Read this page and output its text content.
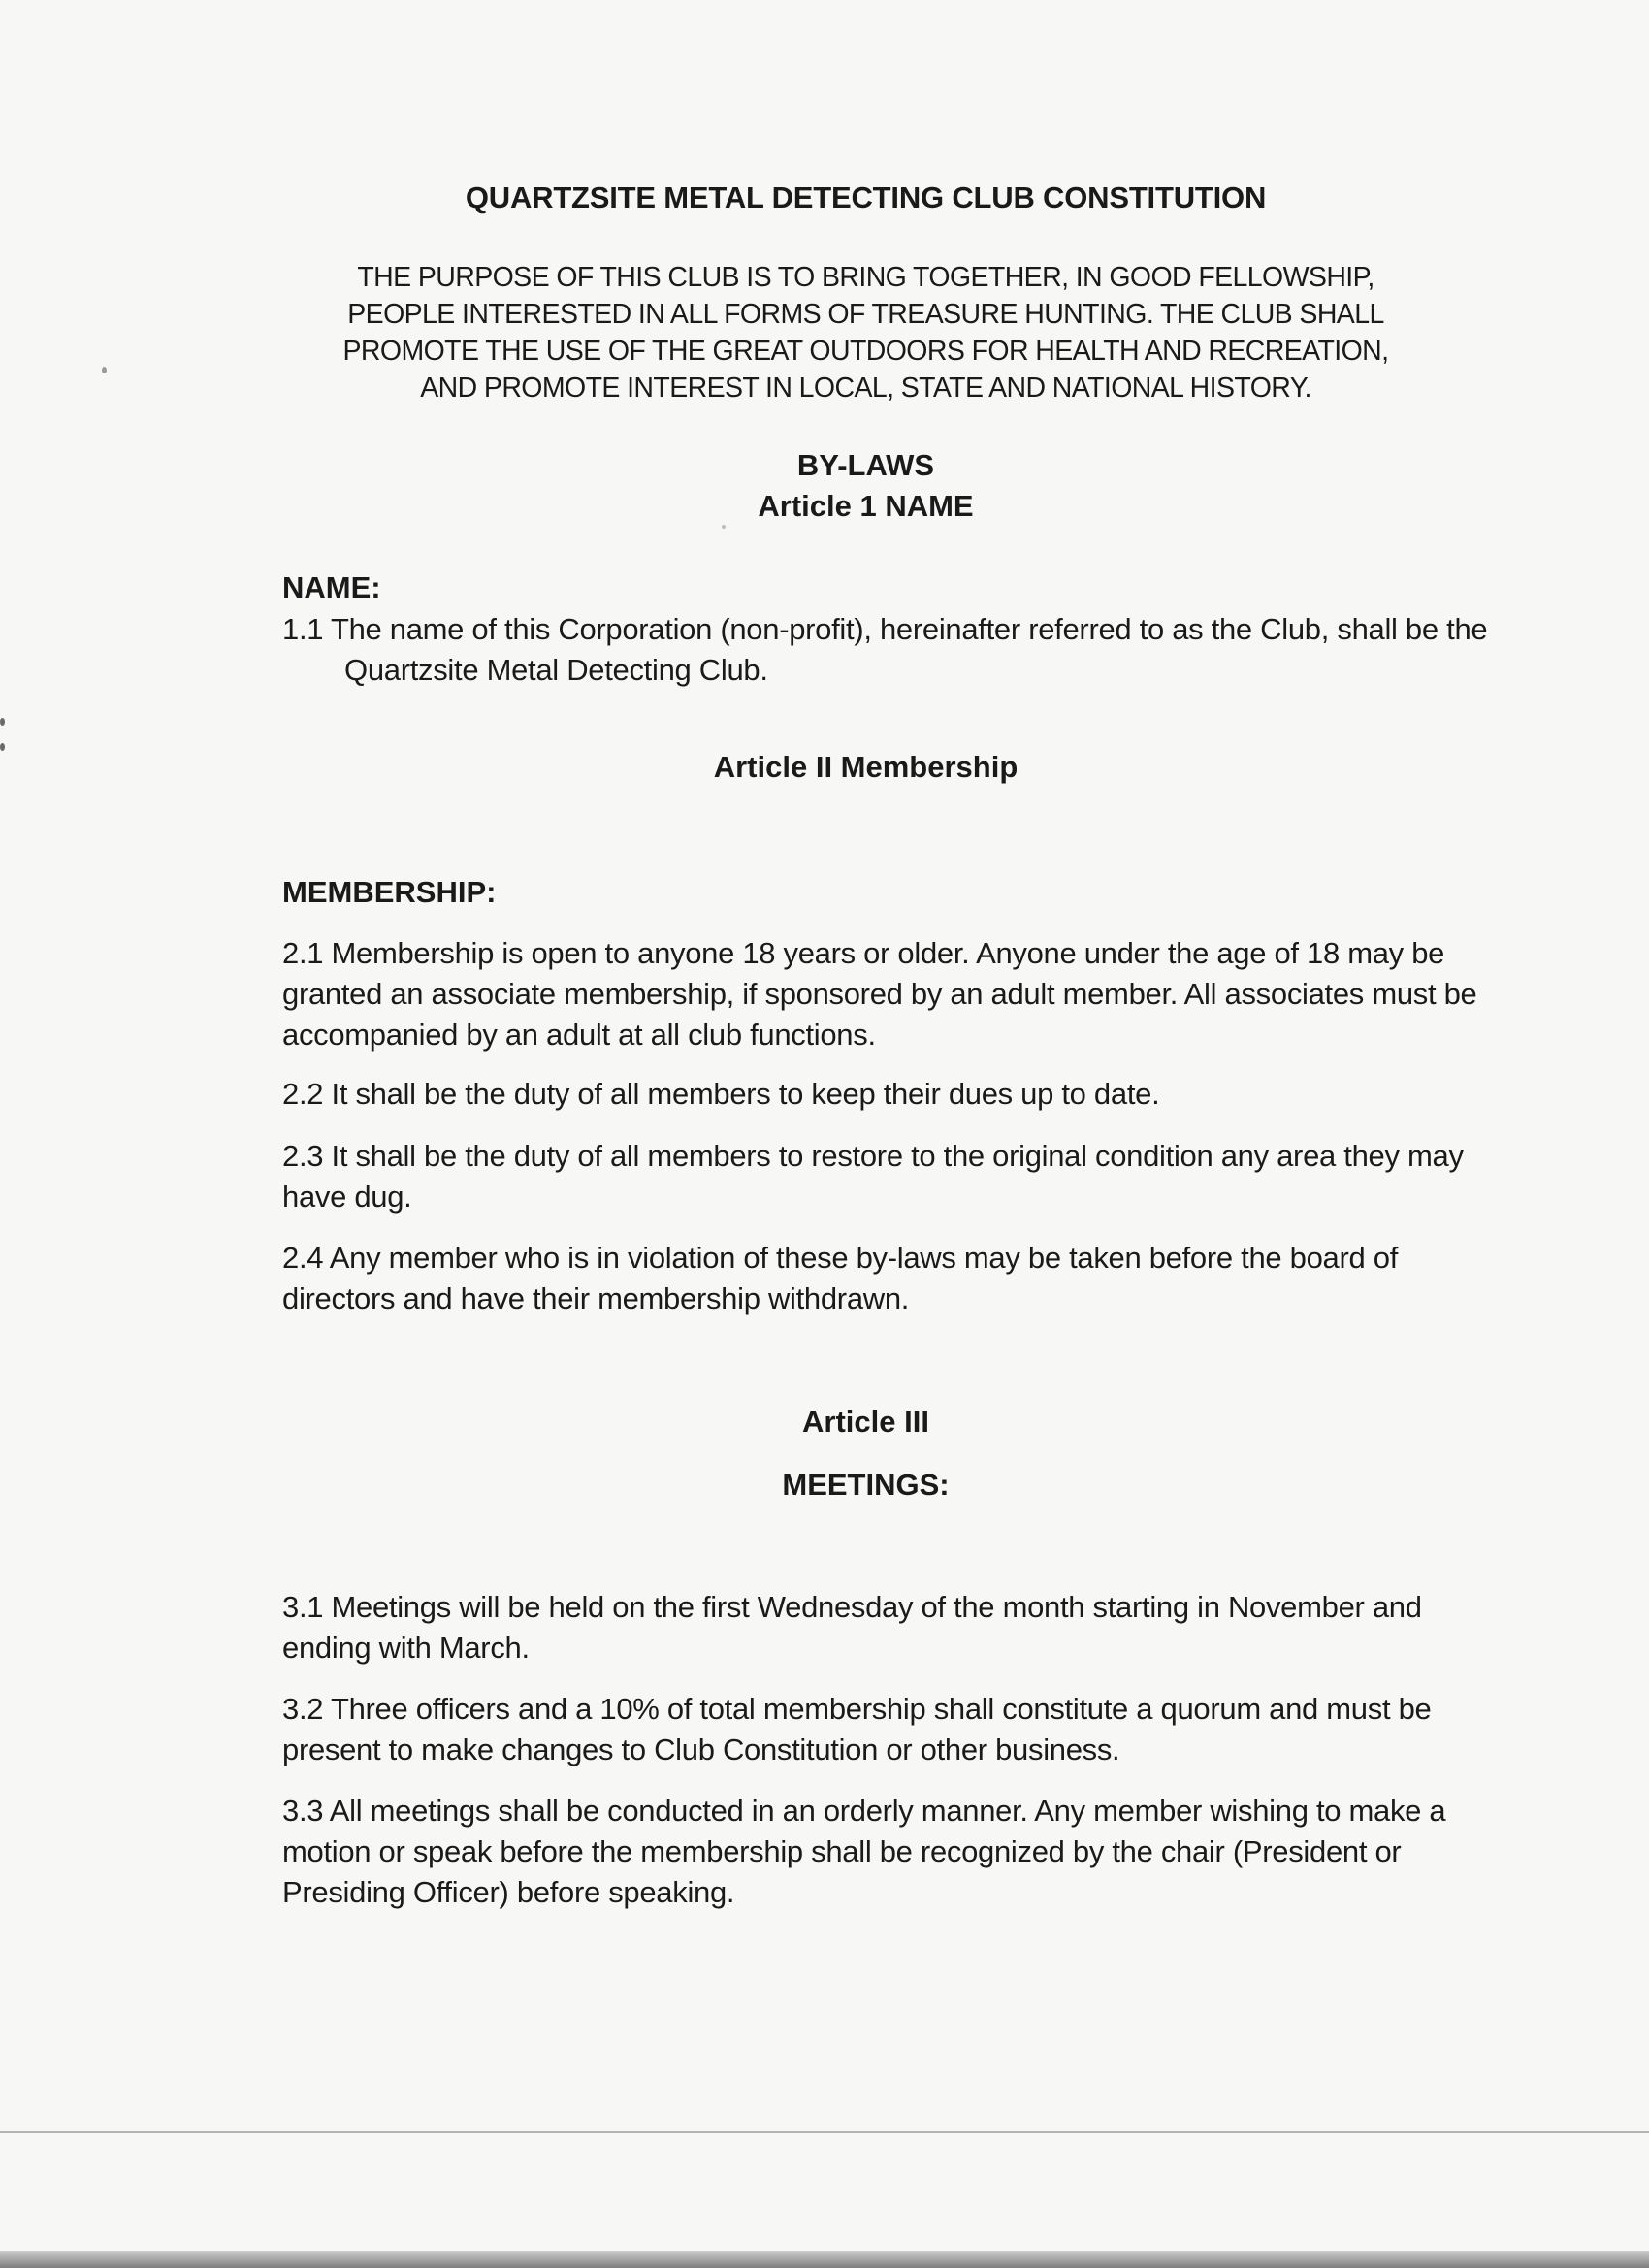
QUARTZSITE METAL DETECTING CLUB CONSTITUTION
THE PURPOSE OF THIS CLUB IS TO BRING TOGETHER, IN GOOD FELLOWSHIP,
PEOPLE INTERESTED IN ALL FORMS OF TREASURE HUNTING. THE CLUB SHALL
PROMOTE THE USE OF THE GREAT OUTDOORS FOR HEALTH AND RECREATION,
AND PROMOTE INTEREST IN LOCAL, STATE AND NATIONAL HISTORY.
BY-LAWS
Article 1 NAME
NAME:
1.1 The name of this Corporation (non-profit), hereinafter referred to as the Club, shall be the Quartzsite Metal Detecting Club.
Article II Membership
MEMBERSHIP:
2.1 Membership is open to anyone 18 years or older. Anyone under the age of 18 may be granted an associate membership, if sponsored by an adult member. All associates must be accompanied by an adult at all club functions.
2.2 It shall be the duty of all members to keep their dues up to date.
2.3 It shall be the duty of all members to restore to the original condition any area they may have dug.
2.4 Any member who is in violation of these by-laws may be taken before the board of directors and have their membership withdrawn.
Article III
MEETINGS:
3.1 Meetings will be held on the first Wednesday of the month starting in November and ending with March.
3.2 Three officers and a 10% of total membership shall constitute a quorum and must be present to make changes to Club Constitution or other business.
3.3 All meetings shall be conducted in an orderly manner. Any member wishing to make a motion or speak before the membership shall be recognized by the chair (President or Presiding Officer) before speaking.
